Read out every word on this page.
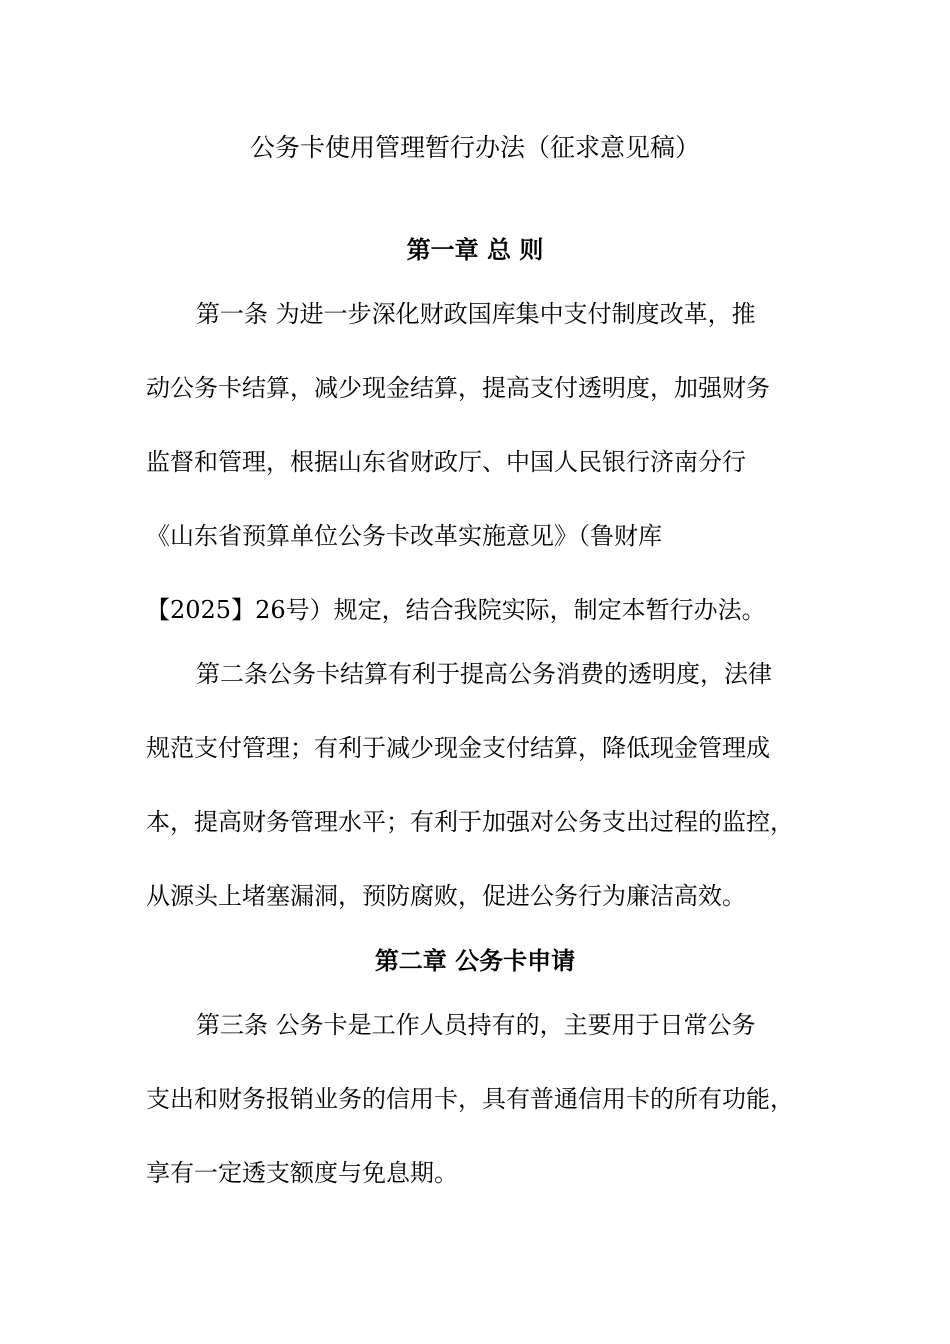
公务卡使用管理暂行办法（征求意见稿）
第一章 总 则
第一条 为进一步深化财政国库集中支付制度改革，推
动公务卡结算，减少现金结算，提高支付透明度，加强财务
监督和管理，根据山东省财政厅、中国人民银行济南分行
《山东省预算单位公务卡改革实施意见》（鲁财库
【2025】26号）规定，结合我院实际，制定本暂行办法。
第二条公务卡结算有利于提高公务消费的透明度，法律
规范支付管理；有利于减少现金支付结算，降低现金管理成
本，提高财务管理水平；有利于加强对公务支出过程的监控，
从源头上堵塞漏洞，预防腐败，促进公务行为廉洁高效。
第二章 公务卡申请
第三条 公务卡是工作人员持有的，主要用于日常公务
支出和财务报销业务的信用卡，具有普通信用卡的所有功能，
享有一定透支额度与免息期。
